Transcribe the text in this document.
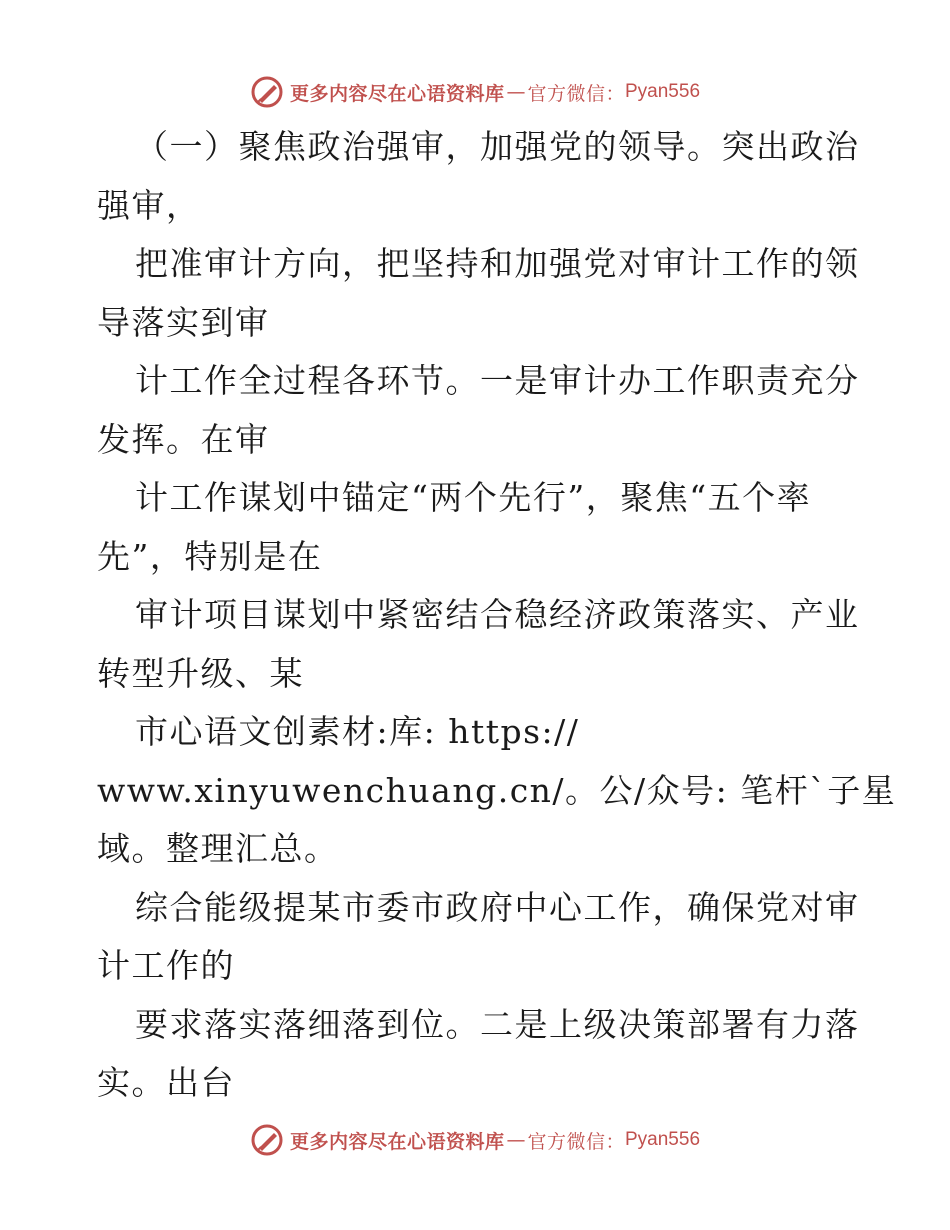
更多内容尽在心语资料库 — 官方微信： Pyan556
（一）聚焦政治强审，加强党的领导。突出政治
强审，
把准审计方向，把坚持和加强党对审计工作的领
导落实到审
计工作全过程各环节。一是审计办工作职责充分
发挥。在审
计工作谋划中锚定“两个先行”，聚焦“五个率
先”，特别是在
审计项目谋划中紧密结合稳经济政策落实、产业
转型升级、某
市心语文创素材:库: https://
www.xinyuwenchuang.cn/。公/众号: 笔杆`子星
域。整理汇总。
综合能级提某市委市政府中心工作，确保党对审
计工作的
要求落实落细落到位。二是上级决策部署有力落
实。出台
更多内容尽在心语资料库 — 官方微信： Pyan556
